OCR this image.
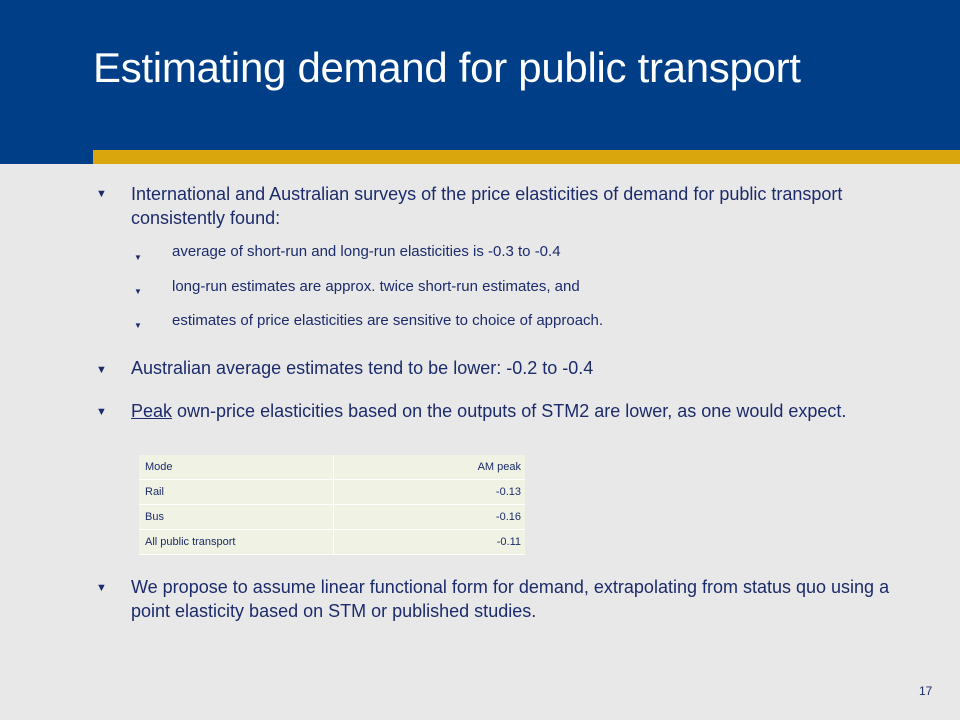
Estimating demand for public transport
▼ International and Australian surveys of the price elasticities of demand for public transport consistently found:
▼ average of short-run and long-run elasticities is -0.3 to -0.4
▼ long-run estimates are approx. twice short-run estimates, and
▼ estimates of price elasticities are sensitive to choice of approach.
▼ Australian average estimates tend to be lower: -0.2 to -0.4
▼ Peak own-price elasticities based on the outputs of STM2 are lower, as one would expect.
Mode	AM peak
Rail	-0.13
Bus	-0.16
All public transport	-0.11
▼ We propose to assume linear functional form for demand, extrapolating from status quo using a point elasticity based on STM or published studies.
17
